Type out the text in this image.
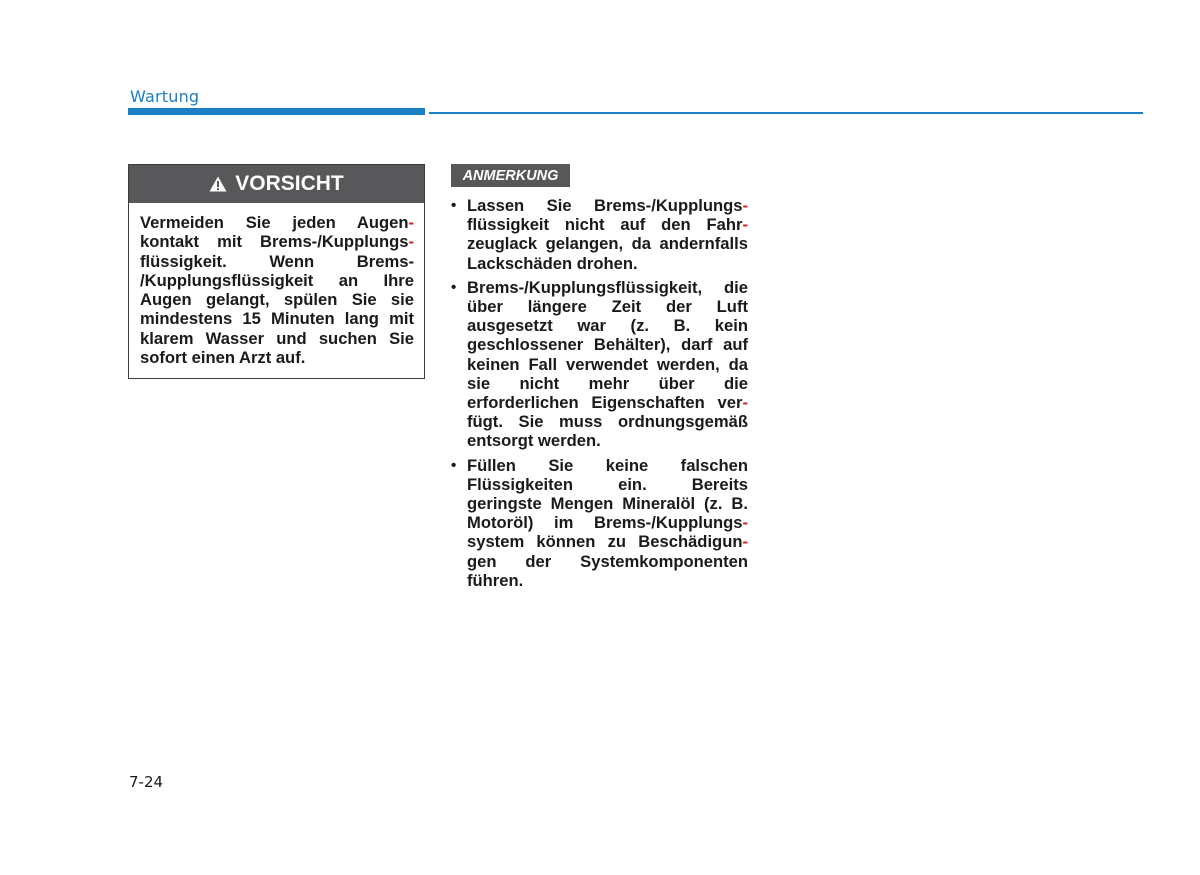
Wartung
VORSICHT
Vermeiden Sie jeden Augen-
kontakt mit Brems-/Kupplungs-
flüssigkeit. Wenn Brems-
/Kupplungsflüssigkeit an Ihre
Augen gelangt, spülen Sie sie
mindestens 15 Minuten lang mit
klarem Wasser und suchen Sie
sofort einen Arzt auf.
ANMERKUNG
• Lassen Sie Brems-/Kupplungs-
flüssigkeit nicht auf den Fahr-
zeuglack gelangen, da andernfalls
Lackschäden drohen.
• Brems-/Kupplungsflüssigkeit, die
über längere Zeit der Luft
ausgesetzt war (z. B. kein
geschlossener Behälter), darf auf
keinen Fall verwendet werden, da
sie nicht mehr über die
erforderlichen Eigenschaften ver-
fügt. Sie muss ordnungsgemäß
entsorgt werden.
• Füllen Sie keine falschen
Flüssigkeiten ein. Bereits
geringste Mengen Mineralöl (z. B.
Motoröl) im Brems-/Kupplungs-
system können zu Beschädigun-
gen der Systemkomponenten
führen.
7-24
